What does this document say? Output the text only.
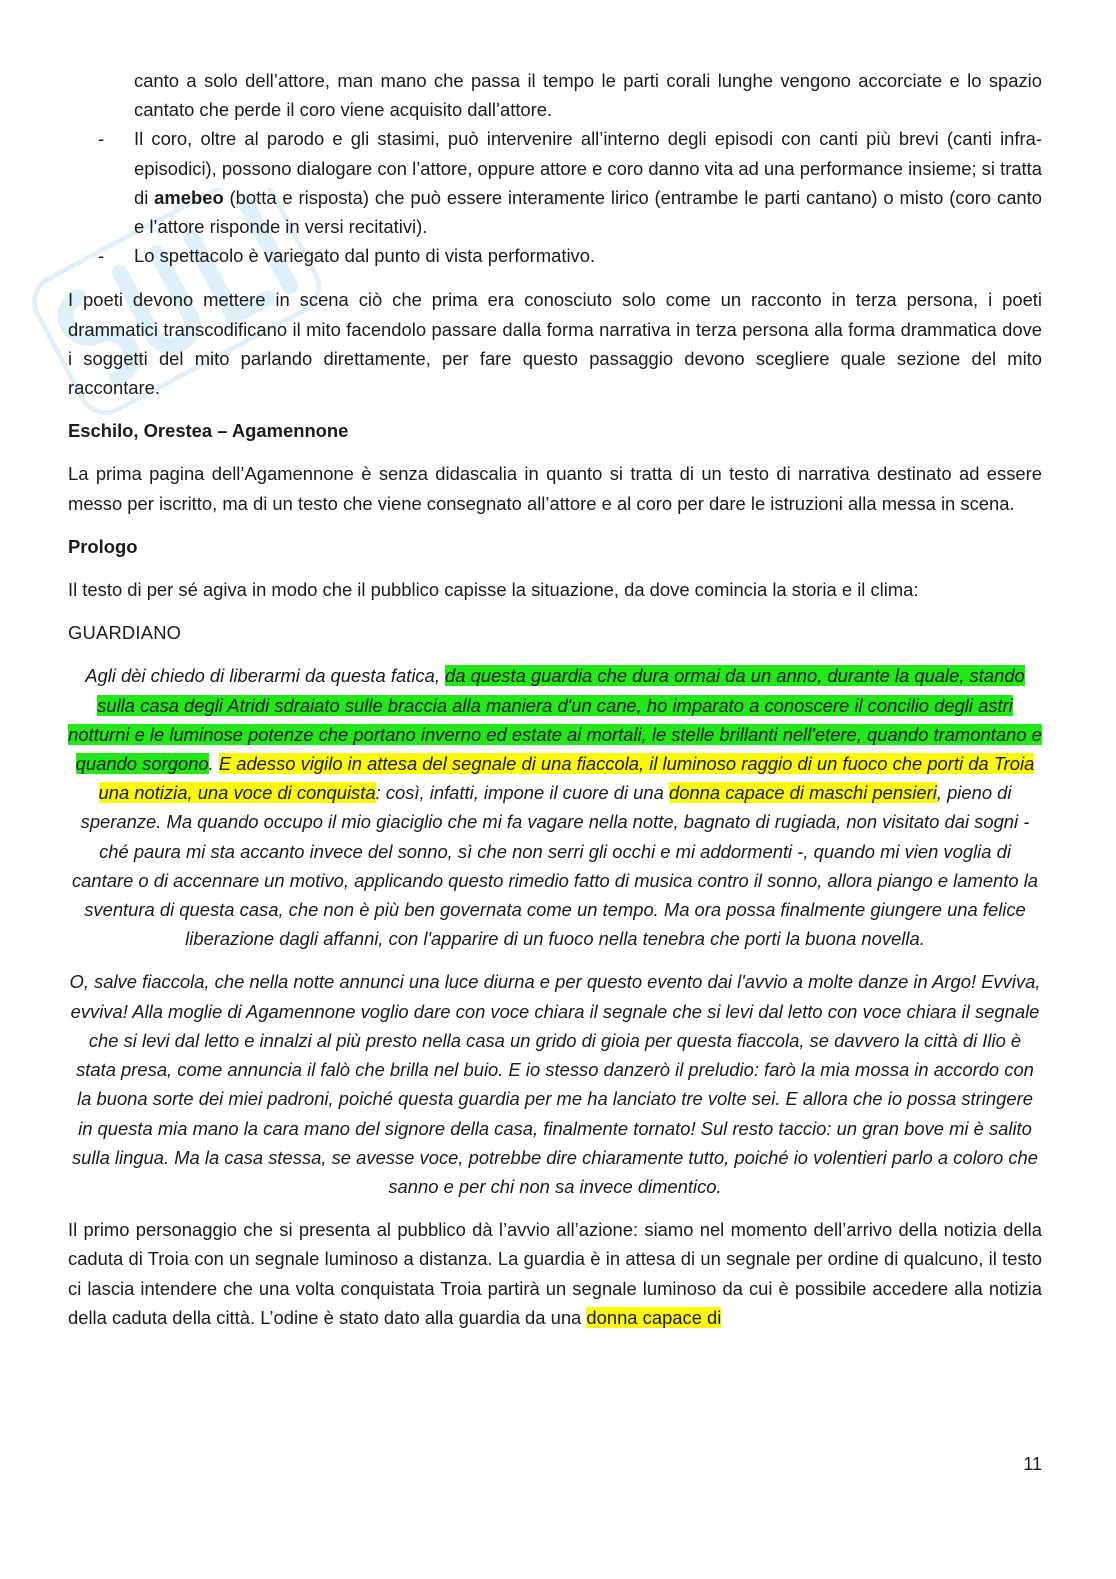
canto a solo dell’attore, man mano che passa il tempo le parti corali lunghe vengono accorciate e lo spazio cantato che perde il coro viene acquisito dall’attore.
- Il coro, oltre al parodo e gli stasimi, può intervenire all’interno degli episodi con canti più brevi (canti infra-episodici), possono dialogare con l’attore, oppure attore e coro danno vita ad una performance insieme; si tratta di amebeo (botta e risposta) che può essere interamente lirico (entrambe le parti cantano) o misto (coro canto e l’attore risponde in versi recitativi).
- Lo spettacolo è variegato dal punto di vista performativo.

I poeti devono mettere in scena ciò che prima era conosciuto solo come un racconto in terza persona, i poeti drammatici transcodificano il mito facendolo passare dalla forma narrativa in terza persona alla forma drammatica dove i soggetti del mito parlando direttamente, per fare questo passaggio devono scegliere quale sezione del mito raccontare.

Eschilo, Orestea – Agamennone

La prima pagina dell’Agamennone è senza didascalia in quanto si tratta di un testo di narrativa destinato ad essere messo per iscritto, ma di un testo che viene consegnato all’attore e al coro per dare le istruzioni alla messa in scena.

Prologo

Il testo di per sé agiva in modo che il pubblico capisse la situazione, da dove comincia la storia e il clima:

GUARDIANO

Agli dèi chiedo di liberarmi da questa fatica, da questa guardia che dura ormai da un anno, durante la quale, stando sulla casa degli Atridi sdraiato sulle braccia alla maniera d'un cane, ho imparato a conoscere il concilio degli astri notturni e le luminose potenze che portano inverno ed estate ai mortali, le stelle brillanti nell'etere, quando tramontano e quando sorgono. E adesso vigilo in attesa del segnale di una fiaccola, il luminoso raggio di un fuoco che porti da Troia una notizia, una voce di conquista: così, infatti, impone il cuore di una donna capace di maschi pensieri, pieno di speranze. Ma quando occupo il mio giaciglio che mi fa vagare nella notte, bagnato di rugiada, non visitato dai sogni - ché paura mi sta accanto invece del sonno, sì che non serri gli occhi e mi addormenti -, quando mi vien voglia di cantare o di accennare un motivo, applicando questo rimedio fatto di musica contro il sonno, allora piango e lamento la sventura di questa casa, che non è più ben governata come un tempo. Ma ora possa finalmente giungere una felice liberazione dagli affanni, con l'apparire di un fuoco nella tenebra che porti la buona novella.

O, salve fiaccola, che nella notte annunci una luce diurna e per questo evento dai l'avvio a molte danze in Argo! Evviva, evviva! Alla moglie di Agamennone voglio dare con voce chiara il segnale che si levi dal letto con voce chiara il segnale che si levi dal letto e innalzi al più presto nella casa un grido di gioia per questa fiaccola, se davvero la città di Ilio è stata presa, come annuncia il falò che brilla nel buio. E io stesso danzerò il preludio: farò la mia mossa in accordo con la buona sorte dei miei padroni, poiché questa guardia per me ha lanciato tre volte sei. E allora che io possa stringere in questa mia mano la cara mano del signore della casa, finalmente tornato! Sul resto taccio: un gran bove mi è salito sulla lingua. Ma la casa stessa, se avesse voce, potrebbe dire chiaramente tutto, poiché io volentieri parlo a coloro che sanno e per chi non sa invece dimentico.

Il primo personaggio che si presenta al pubblico dà l’avvio all’azione: siamo nel momento dell’arrivo della notizia della caduta di Troia con un segnale luminoso a distanza. La guardia è in attesa di un segnale per ordine di qualcuno, il testo ci lascia intendere che una volta conquistata Troia partirà un segnale luminoso da cui è possibile accedere alla notizia della caduta della città. L’odine è stato dato alla guardia da una donna capace di

11
